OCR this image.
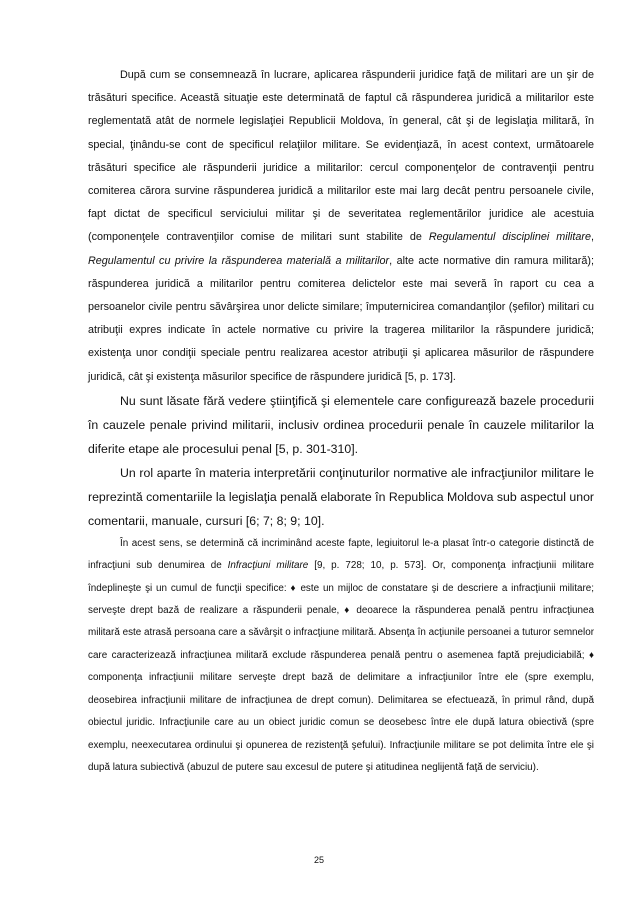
După cum se consemnează în lucrare, aplicarea răspunderii juridice faţă de militari are un şir de trăsături specifice. Această situaţie este determinată de faptul că răspunderea juridică a militarilor este reglementată atât de normele legislaţiei Republicii Moldova, în general, cât şi de legislaţia militară, în special, ţinându-se cont de specificul relaţiilor militare. Se evidenţiază, în acest context, următoarele trăsături specifice ale răspunderii juridice a militarilor: cercul componenţelor de contravenţii pentru comiterea cărora survine răspunderea juridică a militarilor este mai larg decât pentru persoanele civile, fapt dictat de specificul serviciului militar şi de severitatea reglementărilor juridice ale acestuia (componenţele contravenţiilor comise de militari sunt stabilite de Regulamentul disciplinei militare, Regulamentul cu privire la răspunderea materială a militarilor, alte acte normative din ramura militară); răspunderea juridică a militarilor pentru comiterea delictelor este mai severă în raport cu cea a persoanelor civile pentru săvârşirea unor delicte similare; împuternicirea comandanţilor (şefilor) militari cu atribuţii expres indicate în actele normative cu privire la tragerea militarilor la răspundere juridică; existenţa unor condiţii speciale pentru realizarea acestor atribuţii şi aplicarea măsurilor de răspundere juridică, cât şi existenţa măsurilor specifice de răspundere juridică [5, p. 173].

Nu sunt lăsate fără vedere ştiinţifică şi elementele care configurează bazele procedurii în cauzele penale privind militarii, inclusiv ordinea procedurii penale în cauzele militarilor la diferite etape ale procesului penal [5, p. 301-310].

Un rol aparte în materia interpretării conţinuturilor normative ale infracţiunilor militare le reprezintă comentariile la legislaţia penală elaborate în Republica Moldova sub aspectul unor comentarii, manuale, cursuri [6; 7; 8; 9; 10].

În acest sens, se determină că incriminând aceste fapte, legiuitorul le-a plasat într-o categorie distinctă de infracţiuni sub denumirea de Infracţiuni militare [9, p. 728; 10, p. 573]. Or, componenţa infracţiunii militare îndeplineşte şi un cumul de funcţii specifice: ♦ este un mijloc de constatare şi de descriere a infracţiunii militare; serveşte drept bază de realizare a răspunderii penale, ♦ deoarece la răspunderea penală pentru infracţiunea militară este atrasă persoana care a săvârşit o infracţiune militară. Absenţa în acţiunile persoanei a tuturor semnelor care caracterizează infracţiunea militară exclude răspunderea penală pentru o asemenea faptă prejudiciabilă; ♦ componenţa infracţiunii militare serveşte drept bază de delimitare a infracţiunilor între ele (spre exemplu, deosebirea infracţiunii militare de infracţiunea de drept comun). Delimitarea se efectuează, în primul rând, după obiectul juridic. Infracţiunile care au un obiect juridic comun se deosebesc între ele după latura obiectivă (spre exemplu, neexecutarea ordinului şi opunerea de rezistenţă şefului). Infracţiunile militare se pot delimita între ele şi după latura subiectivă (abuzul de putere sau excesul de putere şi atitudinea neglijentă faţă de serviciu).

25
